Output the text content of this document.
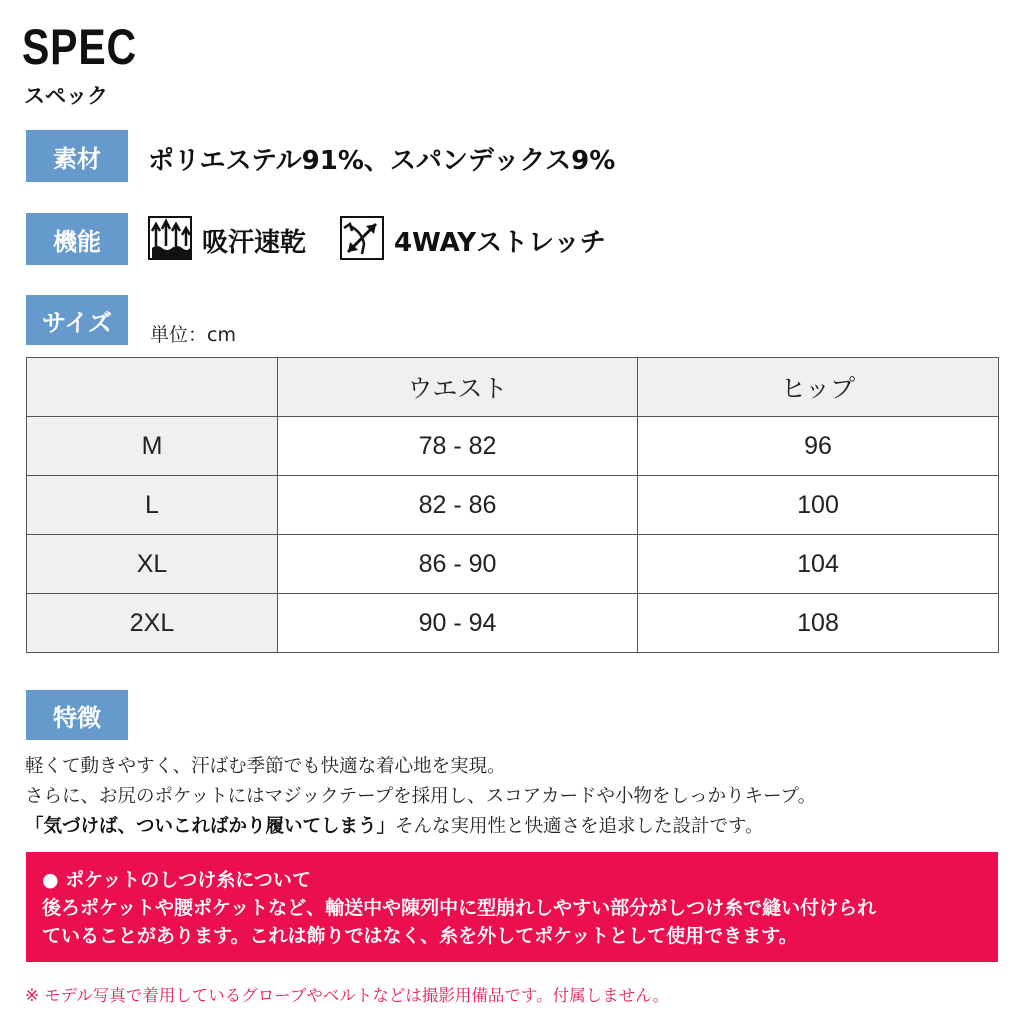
SPEC
スペック
素材	ポリエステル91%、スパンデックス9%
機能	吸汗速乾	4WAYストレッチ
サイズ	単位：cm
	ウエスト	ヒップ
M	78 - 82	96
L	82 - 86	100
XL	86 - 90	104
2XL	90 - 94	108
特徴
軽くて動きやすく、汗ばむ季節でも快適な着心地を実現。
さらに、お尻のポケットにはマジックテープを採用し、スコアカードや小物をしっかりキープ。
「気づけば、ついこればかり履いてしまう」そんな実用性と快適さを追求した設計です。
● ポケットのしつけ糸について
後ろポケットや腰ポケットなど、輸送中や陳列中に型崩れしやすい部分がしつけ糸で縫い付けられ
ていることがあります。これは飾りではなく、糸を外してポケットとして使用できます。
※ モデル写真で着用しているグローブやベルトなどは撮影用備品です。付属しません。
